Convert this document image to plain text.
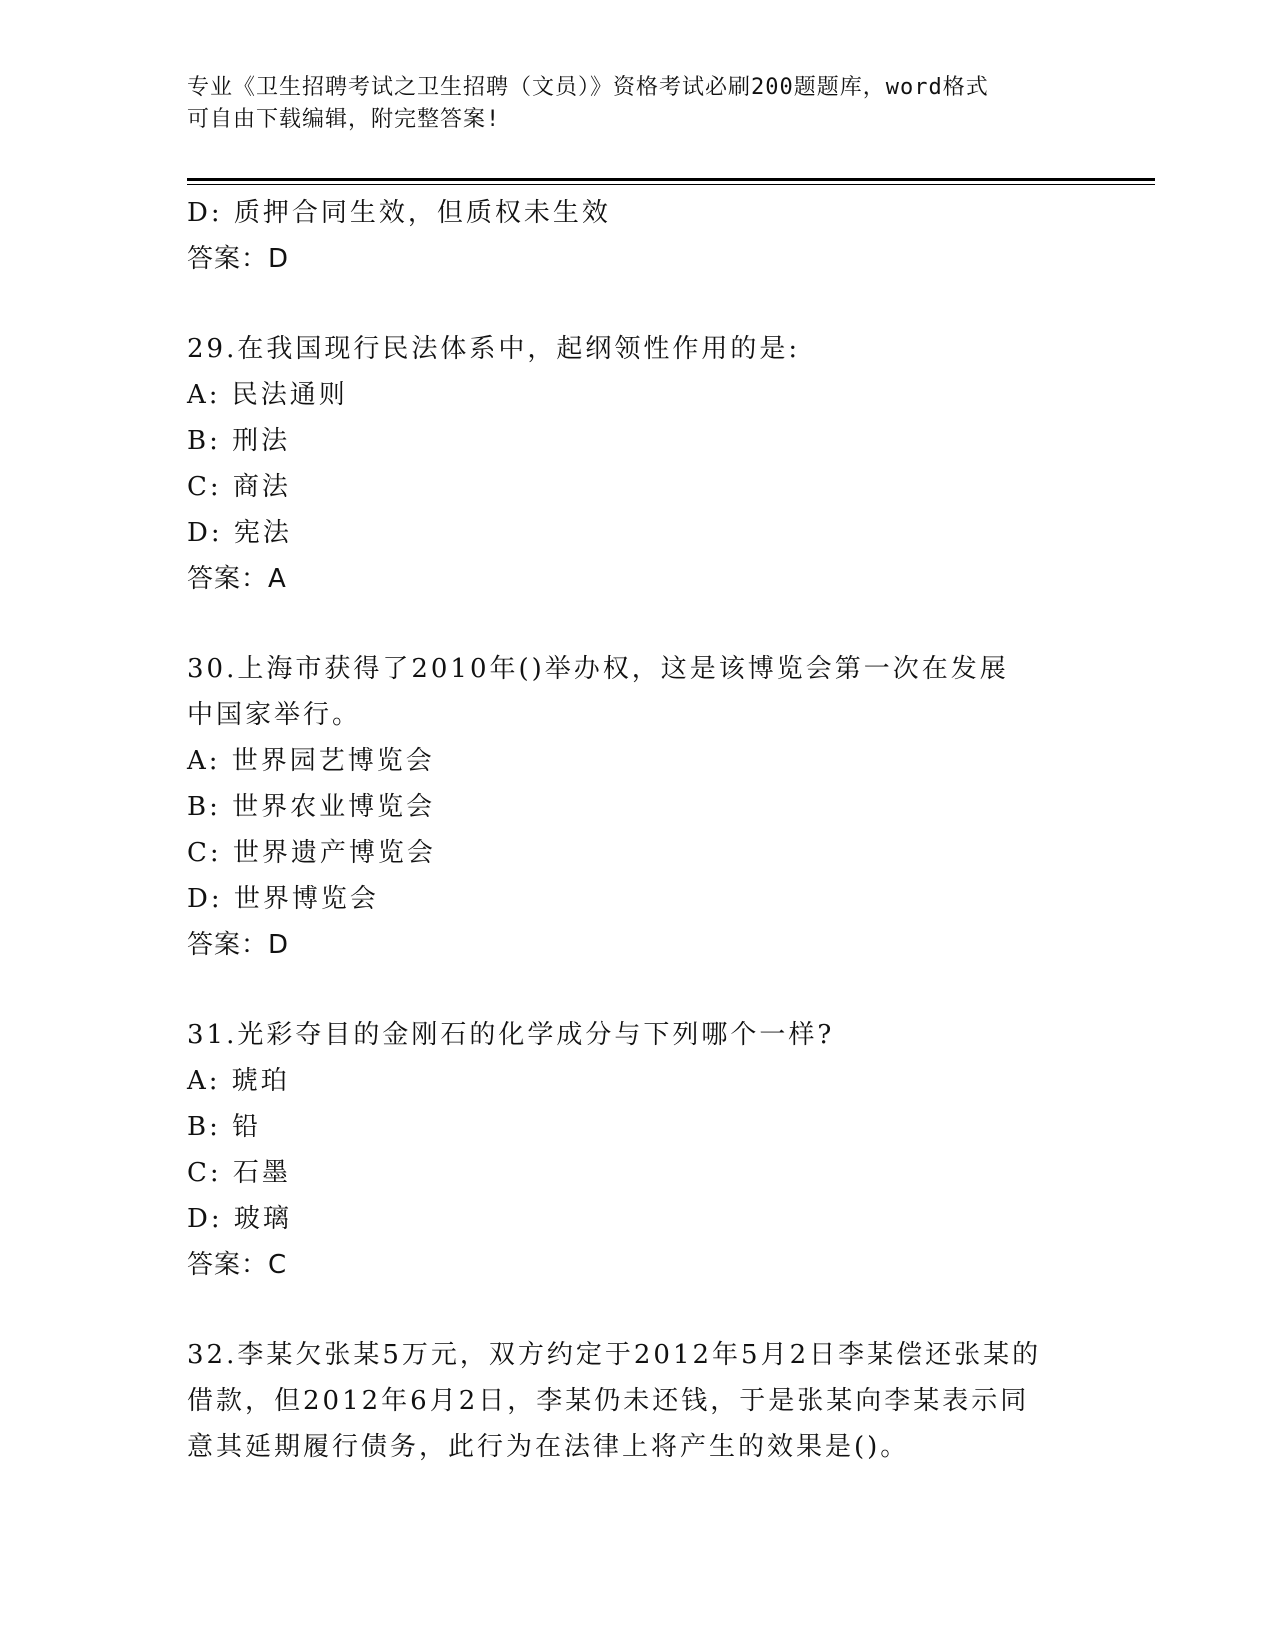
专业《卫生招聘考试之卫生招聘（文员）》资格考试必刷200题题库，word格式
可自由下载编辑，附完整答案!
D: 质押合同生效，但质权未生效
答案：D
29.在我国现行民法体系中，起纲领性作用的是:
A: 民法通则
B: 刑法
C: 商法
D: 宪法
答案：A
30.上海市获得了2010年()举办权，这是该博览会第一次在发展中国家举行。
A: 世界园艺博览会
B: 世界农业博览会
C: 世界遗产博览会
D: 世界博览会
答案：D
31.光彩夺目的金刚石的化学成分与下列哪个一样?
A: 琥珀
B: 铅
C: 石墨
D: 玻璃
答案：C
32.李某欠张某5万元，双方约定于2012年5月2日李某偿还张某的借款，但2012年6月2日，李某仍未还钱，于是张某向李某表示同意其延期履行债务，此行为在法律上将产生的效果是()。
